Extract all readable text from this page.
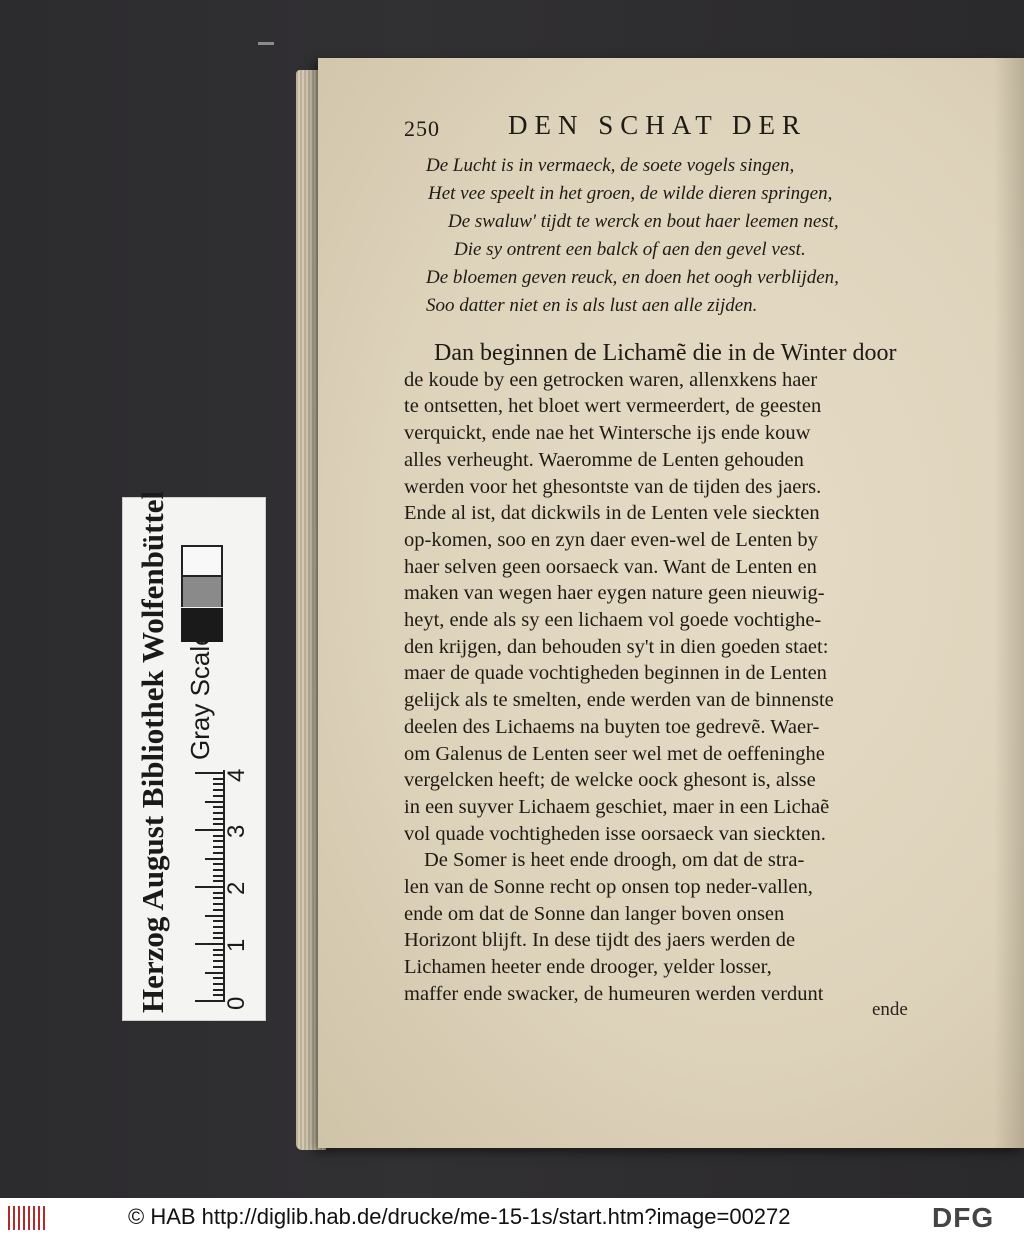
250	DEN SCHAT DER
De Lucht is in vermaeck, de soete vogels singen,
Het vee speelt in het groen, de wilde dieren springen,
De swaluw' tijdt te werck en bout haer leemen nest,
Die sy ontrent een balck of aen den gevel vest.
De bloemen geven reuck, en doen het oogh verblijden,
Soo datter niet en is als lust aen alle zijden.
Dan beginnen de Lichamẽ die in de Winter door
de koude by een getrocken waren, allenxkens haer
te ontsetten, het bloet wert vermeerdert, de geesten
verquickt, ende nae het Wintersche ijs ende kouw
alles verheught. Waeromme de Lenten gehouden
werden voor het ghesontste van de tijden des jaers.
Ende al ist, dat dickwils in de Lenten vele sieckten
op-komen, soo en zyn daer even-wel de Lenten by
haer selven geen oorsaeck van. Want de Lenten en
maken van wegen haer eygen nature geen nieuwig-
heyt, ende als sy een lichaem vol goede vochtighe-
den krijgen, dan behouden sy't in dien goeden staet:
maer de quade vochtigheden beginnen in de Lenten
gelijck als te smelten, ende werden van de binnenste
deelen des Lichaems na buyten toe gedrevẽ. Waer-
om Galenus de Lenten seer wel met de oeffeninghe
vergelcken heeft; de welcke oock ghesont is, alsse
in een suyver Lichaem geschiet, maer in een Lichaẽ
vol quade vochtigheden isse oorsaeck van sieckten.
De Somer is heet ende droogh, om dat de stra-
len van de Sonne recht op onsen top neder-vallen,
ende om dat de Sonne dan langer boven onsen
Horizont blijft. In dese tijdt des jaers werden de
Lichamen heeter ende drooger, yelder losser,
maffer ende swacker, de humeuren werden verdunt
ende
Herzog August Bibliothek Wolfenbüttel Gray Scale
0
1
2
3
4
© HAB http://diglib.hab.de/drucke/me-15-1s/start.htm?image=00272	DFG
